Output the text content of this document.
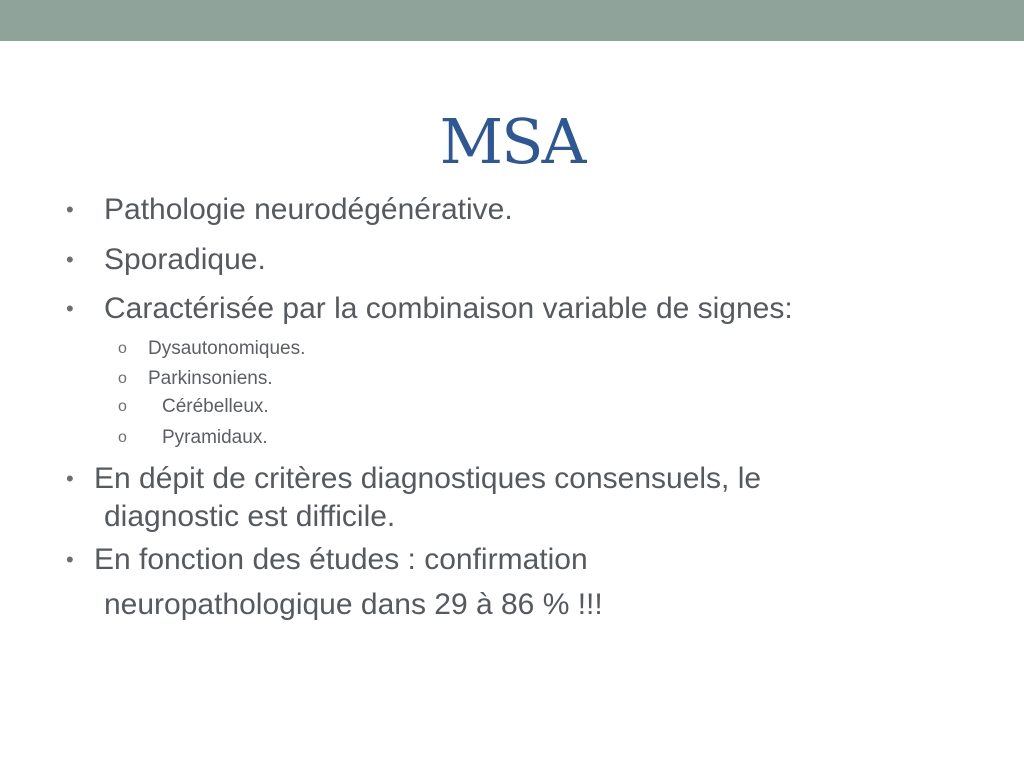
MSA
• Pathologie neurodégénérative.
• Sporadique.
• Caractérisée par la combinaison variable de signes:
o Dysautonomiques.
o Parkinsoniens.
o Cérébelleux.
o Pyramidaux.
• En dépit de critères diagnostiques consensuels, le
diagnostic est difficile.
• En fonction des études : confirmation
neuropathologique dans 29 à 86 % !!!
